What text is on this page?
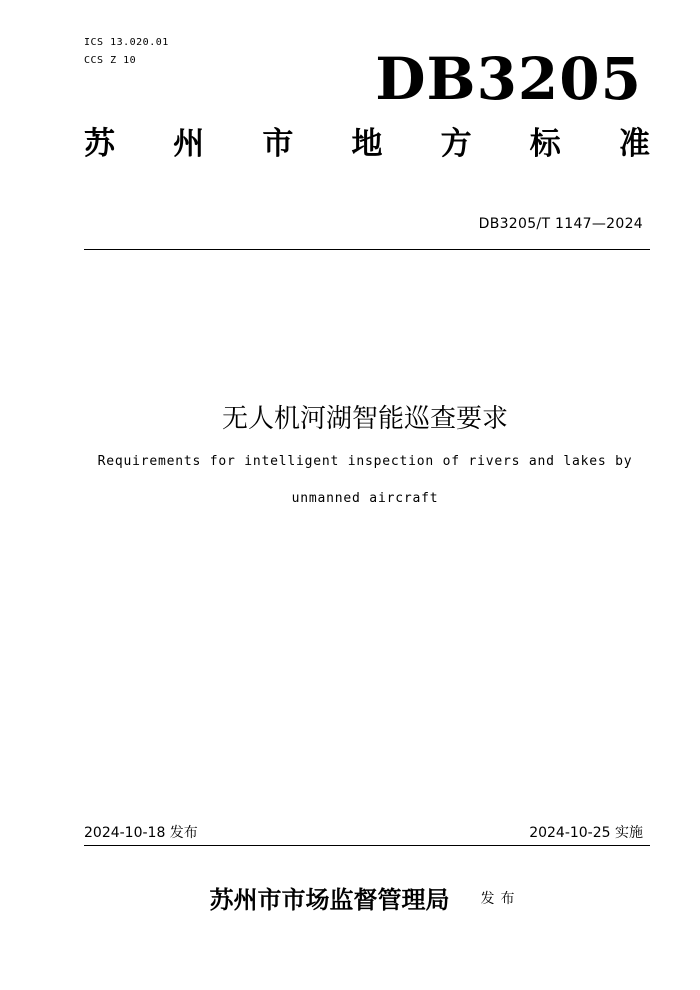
ICS 13.020.01
CCS Z 10	DB3205
苏 州 市 地 方 标 准
DB3205/T 1147—2024
无人机河湖智能巡查要求
Requirements for intelligent inspection of rivers and lakes by
unmanned aircraft
2024-10-18 发布	2024-10-25 实施
苏州市市场监督管理局 发布
